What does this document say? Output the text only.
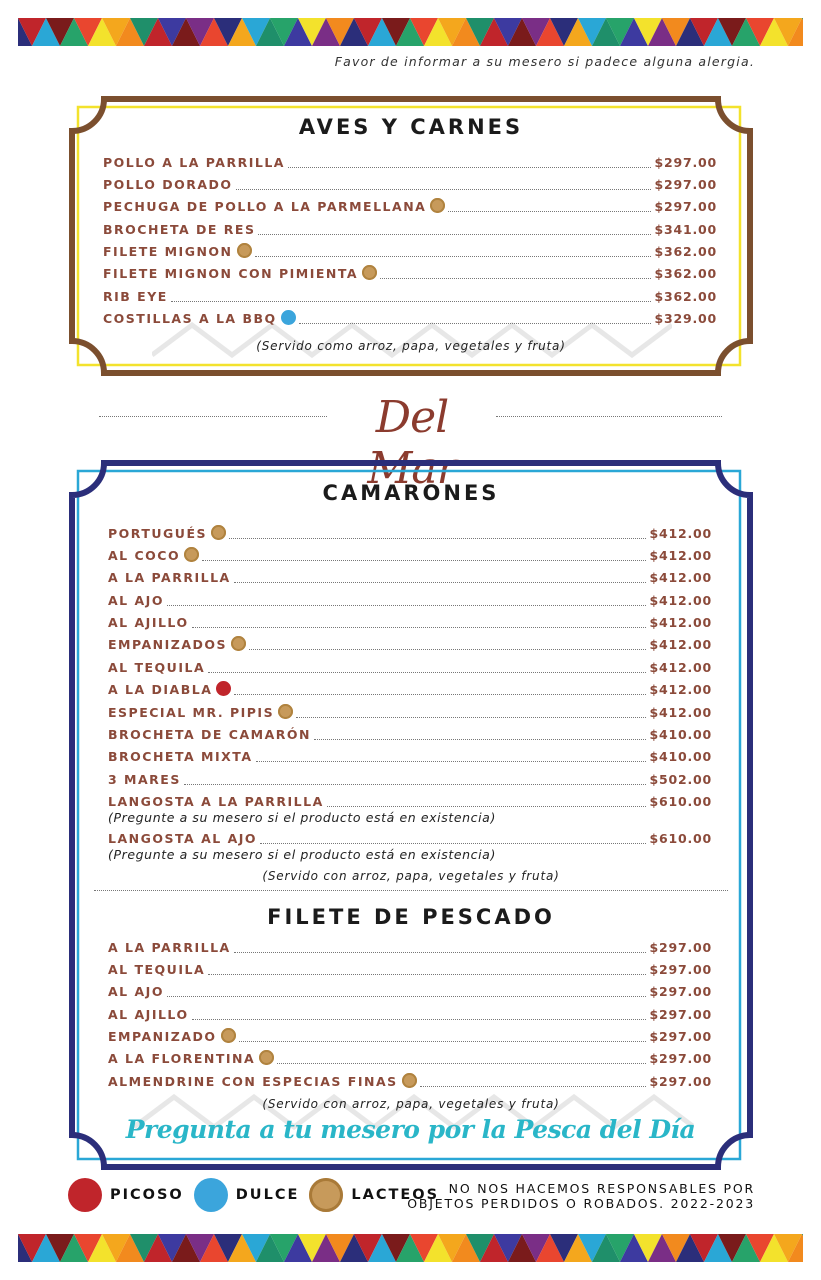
Favor de informar a su mesero si padece alguna alergia.
AVES Y CARNES
POLLO A LA PARRILLA	$297.00
POLLO DORADO	$297.00
PECHUGA DE POLLO A LA PARMELLANA	$297.00
BROCHETA DE RES	$341.00
FILETE MIGNON	$362.00
FILETE MIGNON CON PIMIENTA	$362.00
RIB EYE	$362.00
COSTILLAS A LA BBQ	$329.00
(Servido como arroz, papa, vegetales y fruta)
Del Mar
CAMARONES
PORTUGUÉS	$412.00
AL COCO	$412.00
A LA PARRILLA	$412.00
AL AJO	$412.00
AL AJILLO	$412.00
EMPANIZADOS	$412.00
AL TEQUILA	$412.00
A LA DIABLA	$412.00
ESPECIAL MR. PIPIS	$412.00
BROCHETA DE CAMARÓN	$410.00
BROCHETA MIXTA	$410.00
3 MARES	$502.00
LANGOSTA A LA PARRILLA	$610.00
(Pregunte a su mesero si el producto está en existencia)
LANGOSTA AL AJO	$610.00
(Pregunte a su mesero si el producto está en existencia)
(Servido con arroz, papa, vegetales y fruta)
FILETE DE PESCADO
A LA PARRILLA	$297.00
AL TEQUILA	$297.00
AL AJO	$297.00
AL AJILLO	$297.00
EMPANIZADO	$297.00
A LA FLORENTINA	$297.00
ALMENDRINE CON ESPECIAS FINAS	$297.00
(Servido con arroz, papa, vegetales y fruta)
Pregunta a tu mesero por la Pesca del Día
PICOSO	DULCE	LACTEOS NO NOS HACEMOS RESPONSABLES POR
OBJETOS PERDIDOS O ROBADOS. 2022-2023
